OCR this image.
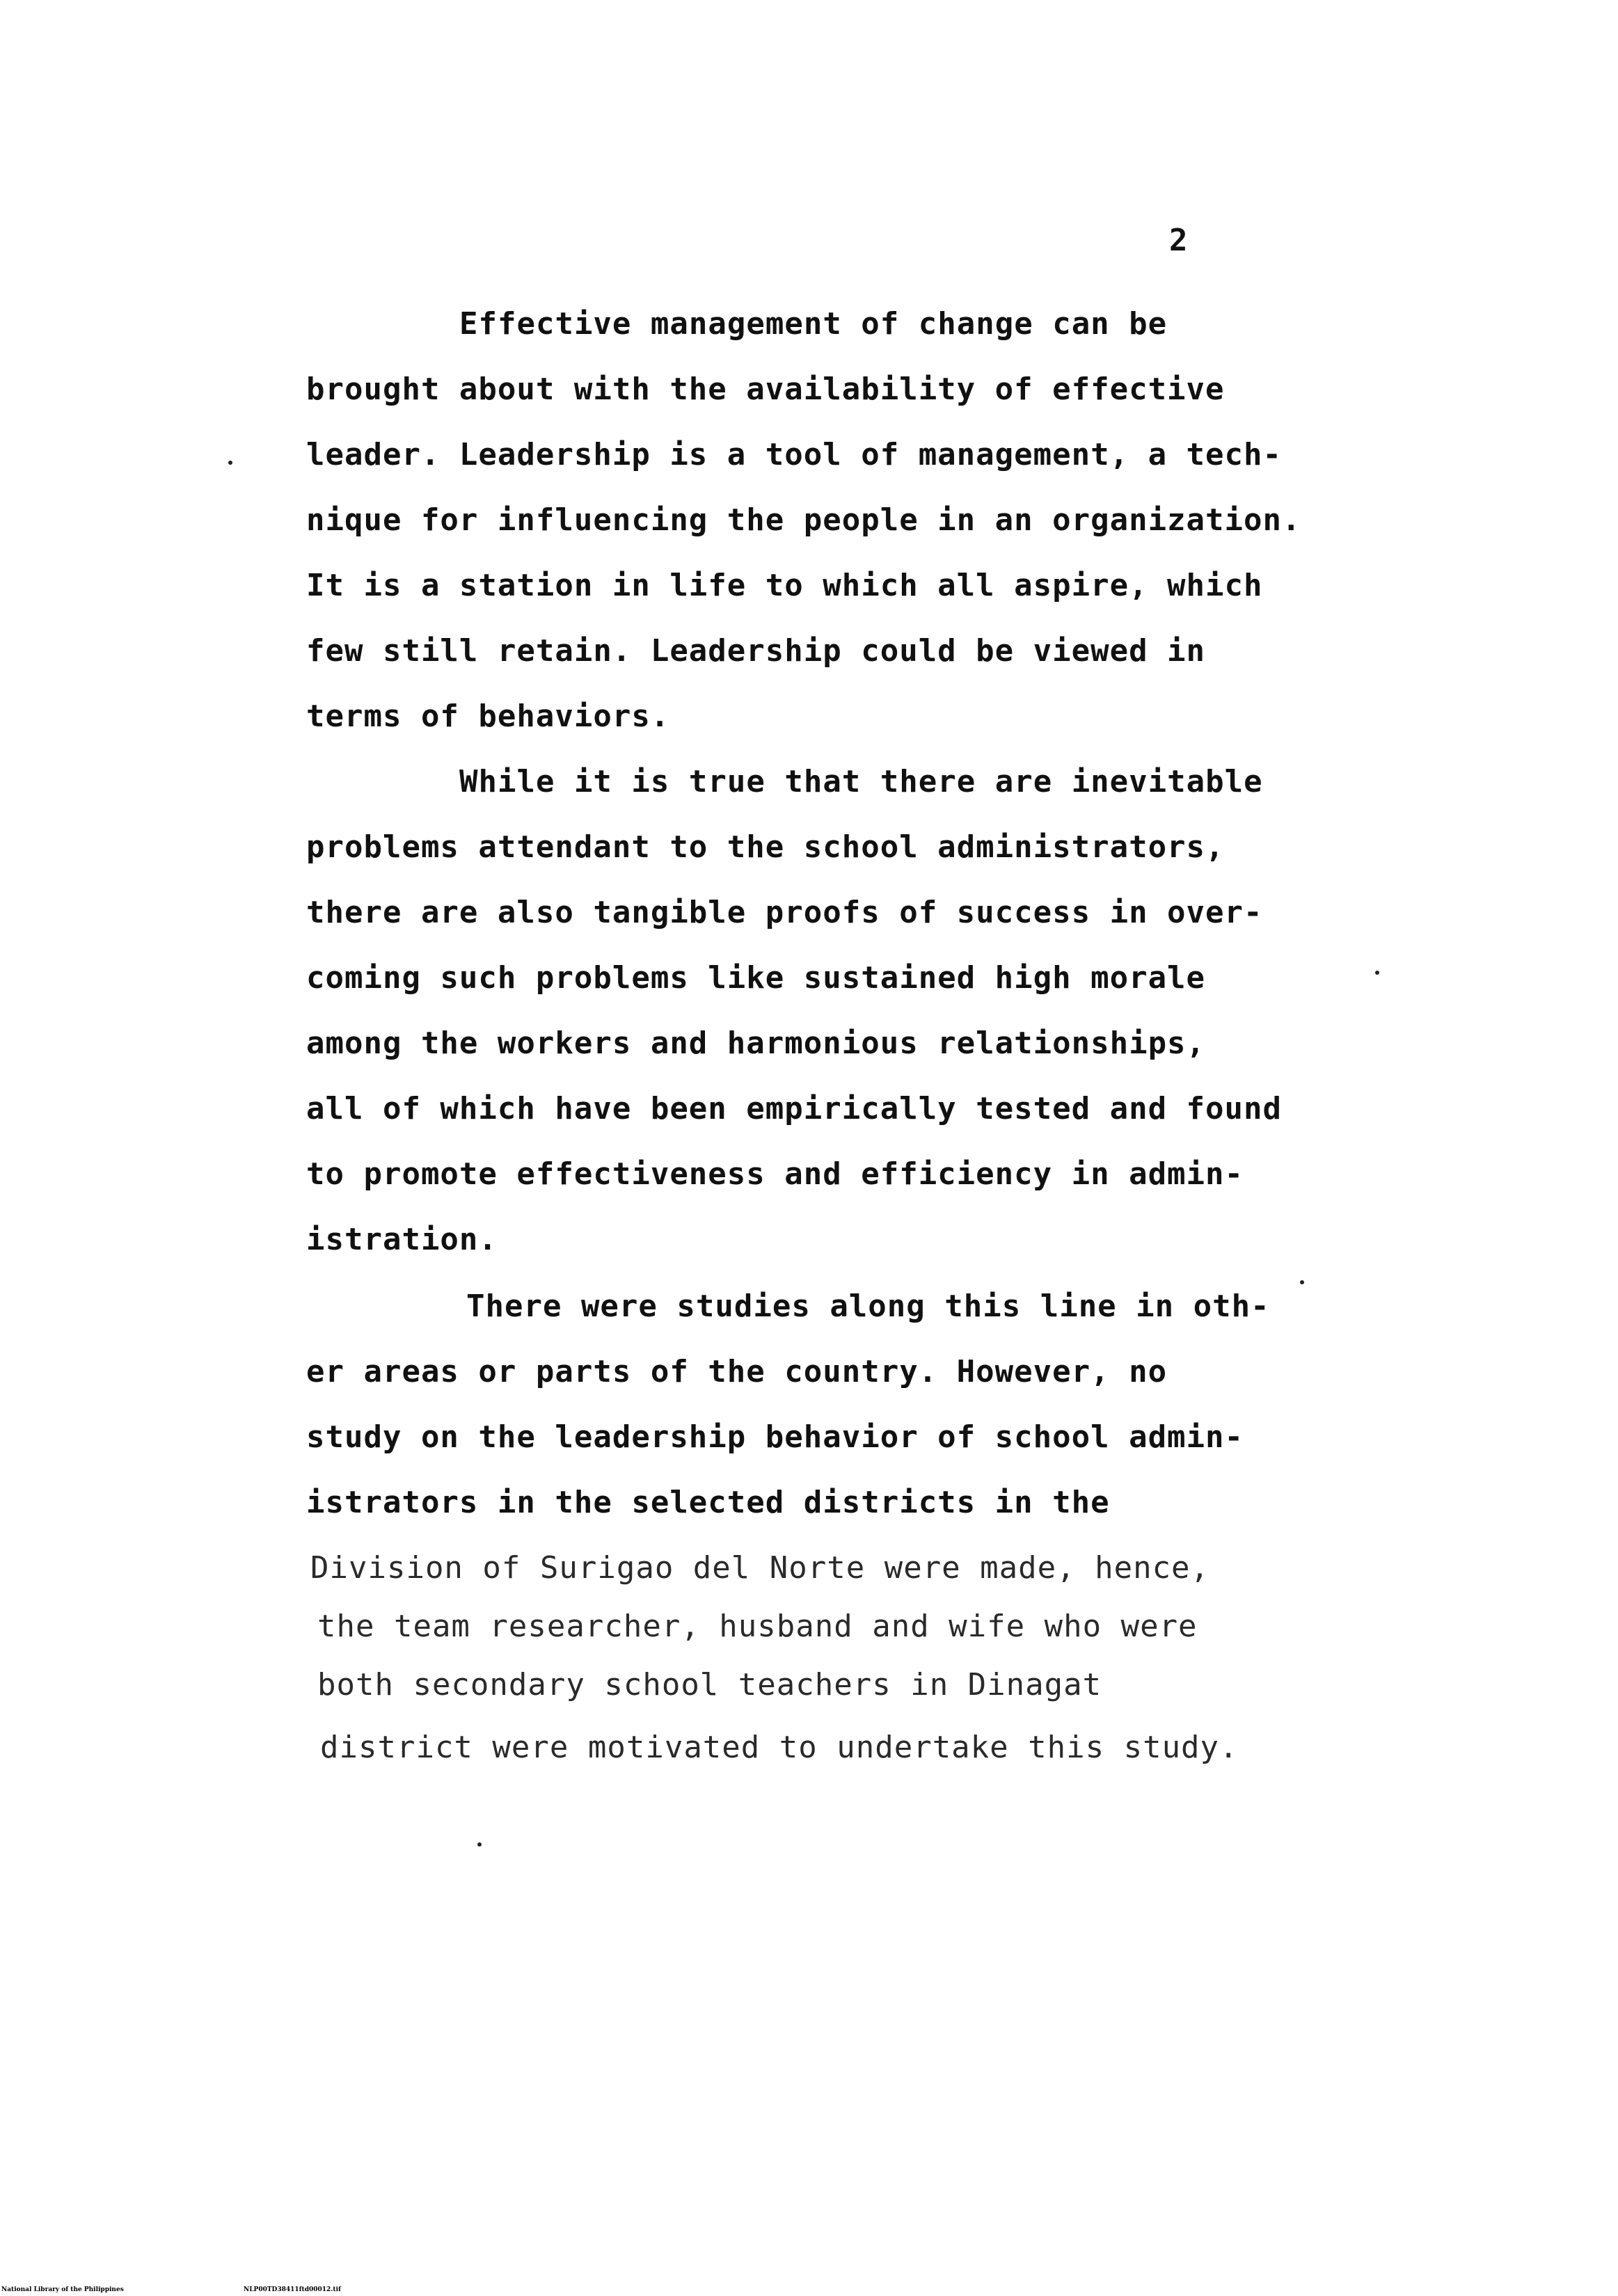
2
Effective management of change can be
brought about with the availability of effective
leader. Leadership is a tool of management, a tech-
nique for influencing the people in an organization.
It is a station in life to which all aspire, which
few still retain. Leadership could be viewed in
terms of behaviors.
While it is true that there are inevitable
problems attendant to the school administrators,
there are also tangible proofs of success in over-
coming such problems like sustained high morale
among the workers and harmonious relationships,
all of which have been empirically tested and found
to promote effectiveness and efficiency in admin-
istration.
There were studies along this line in oth-
er areas or parts of the country. However, no
study on the leadership behavior of school admin-
istrators in the selected districts in the
Division of Surigao del Norte were made, hence,
the team researcher, husband and wife who were
both secondary school teachers in Dinagat
district were motivated to undertake this study.
National Library of the Philippines	NLP00TD38411ftd00012.tif
